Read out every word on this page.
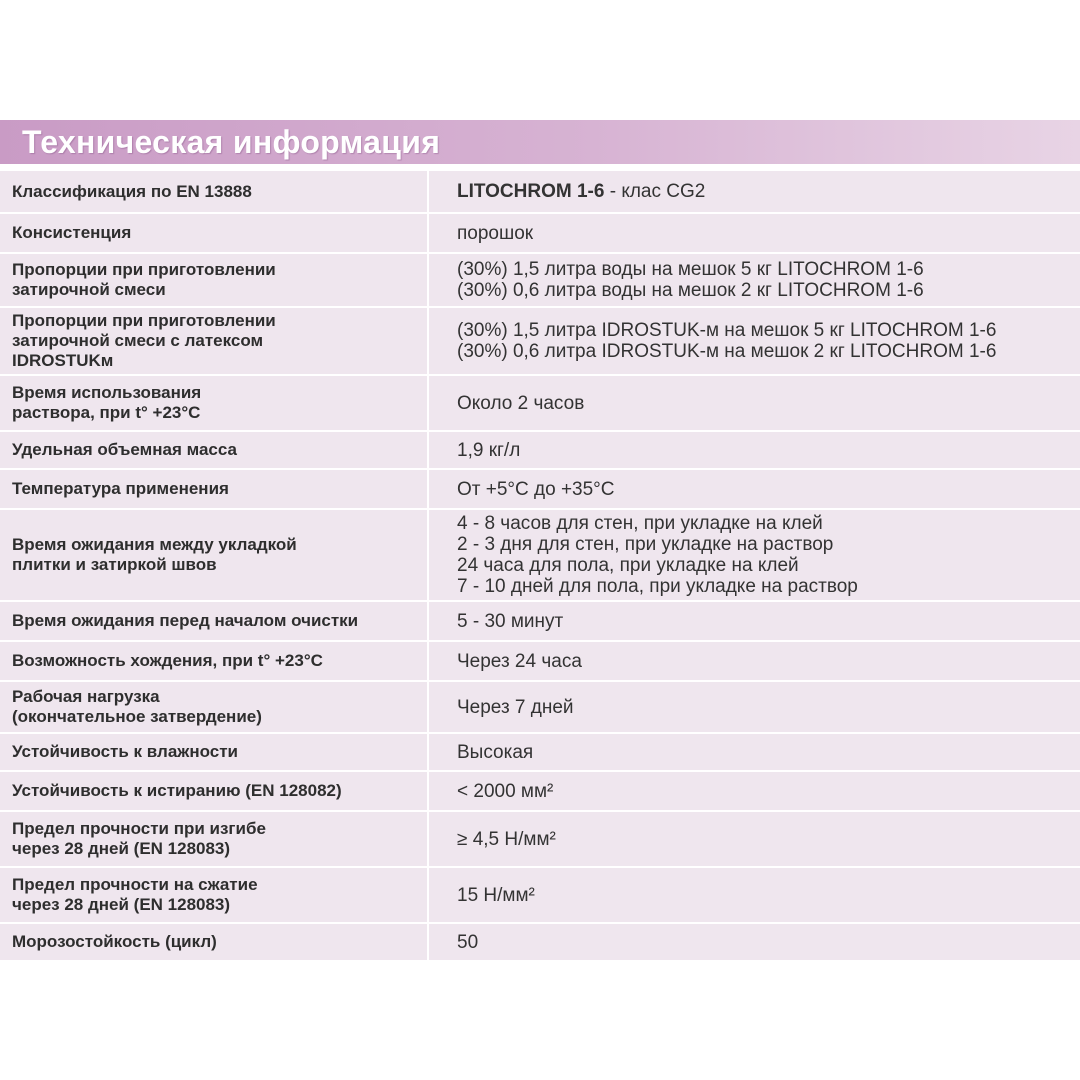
Техническая информация
Классификация по EN 13888	LITOCHROM 1-6 - клас CG2

Консистенция	порошок

Пропорции при приготовлении
затирочной смеси	(30%) 1,5 литра воды на мешок 5 кг LITOCHROM 1-6
(30%) 0,6 литра воды на мешок 2 кг LITOCHROM 1-6

Пропорции при приготовлении
затирочной смеси с латексом
IDROSTUKм	(30%) 1,5 литра IDROSTUK-м на мешок 5 кг LITOCHROM 1-6
(30%) 0,6 литра IDROSTUK-м на мешок 2 кг LITOCHROM 1-6

Время использования
раствора, при t° +23°C	Около 2 часов

Удельная объемная масса	1,9 кг/л

Температура применения	От +5°C до +35°C

Время ожидания между укладкой
плитки и затиркой швов	4 - 8 часов для стен, при укладке на клей
2 - 3 дня для стен, при укладке на раствор
24 часа для пола, при укладке на клей
7 - 10 дней для пола, при укладке на раствор

Время ожидания перед началом очистки	5 - 30 минут

Возможность хождения, при t° +23°C	Через 24 часа

Рабочая нагрузка
(окончательное затвердение)	Через 7 дней

Устойчивость к влажности	Высокая

Устойчивость к истиранию (EN 128082)	< 2000 мм²

Предел прочности при изгибе
через 28 дней (EN 128083)	≥ 4,5 Н/мм²

Предел прочности на сжатие
через 28 дней (EN 128083)	15 Н/мм²

Морозостойкость (цикл)	50
